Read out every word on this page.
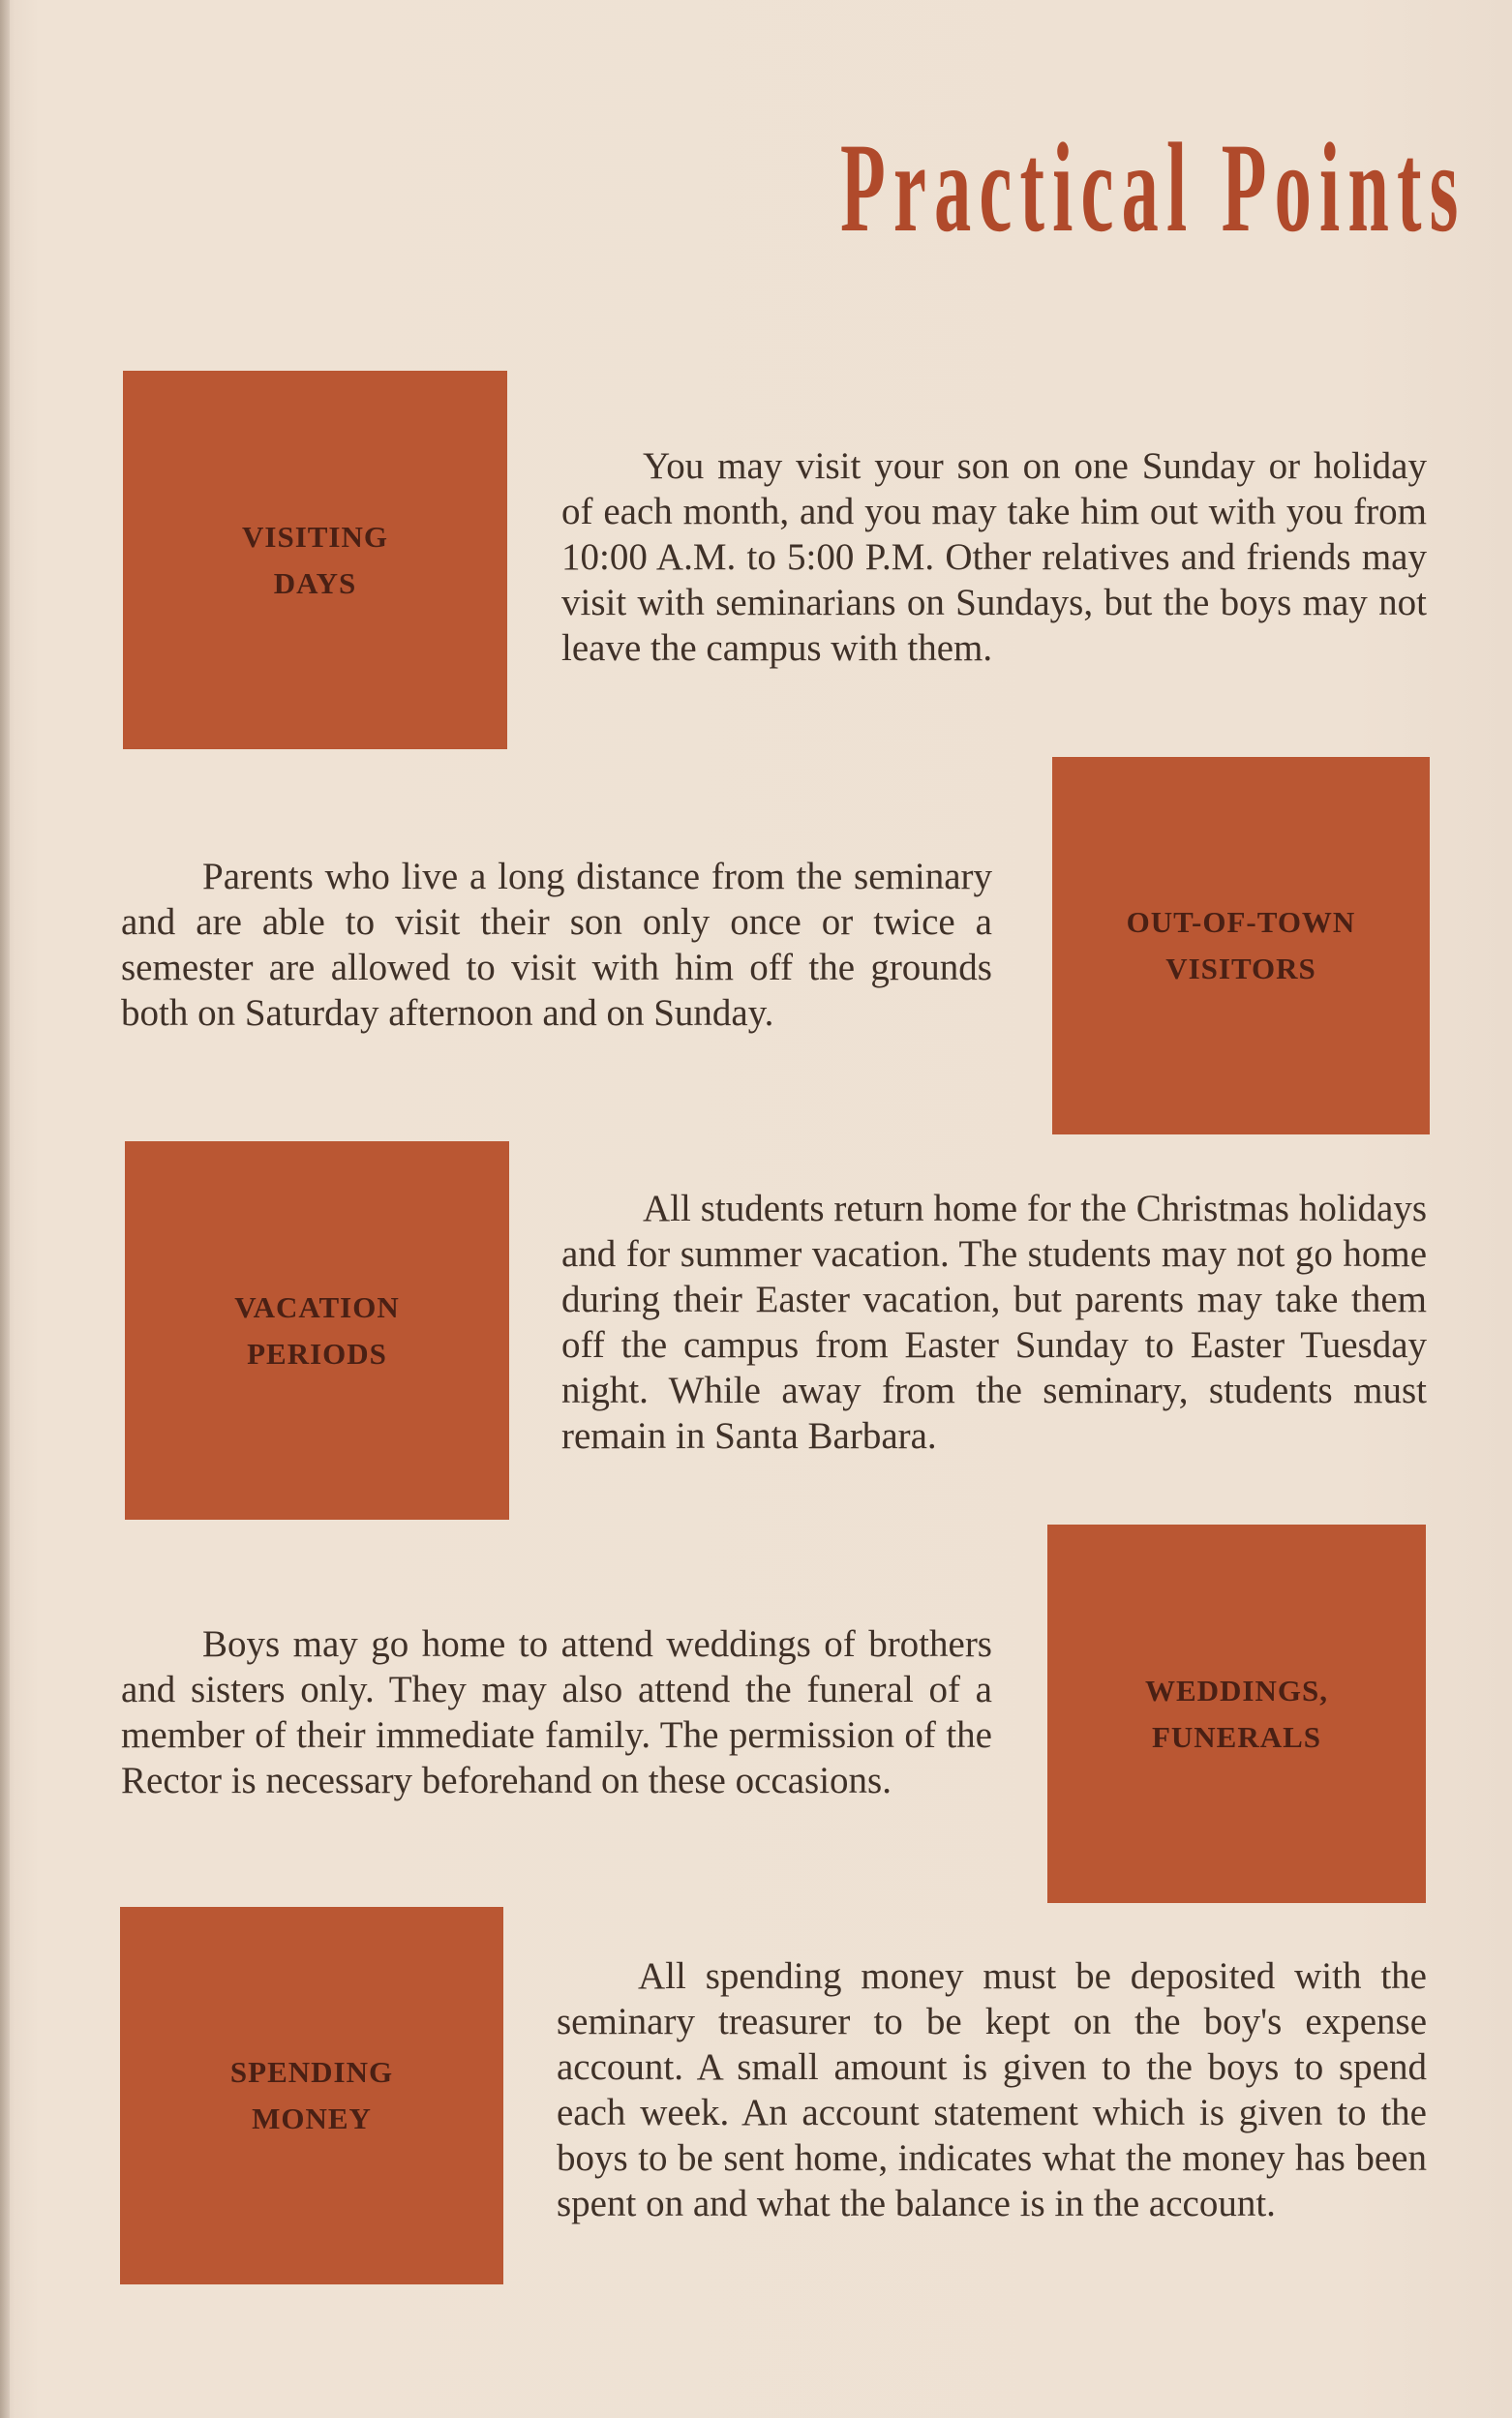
Practical Points
VISITING
DAYS

You may visit your son on one Sunday or holiday of each month, and you may take him out with you from 10:00 A.M. to 5:00 P.M. Other relatives and friends may visit with seminarians on Sundays, but the boys may not leave the campus with them.

Parents who live a long distance from the seminary and are able to visit their son only once or twice a semester are allowed to visit with him off the grounds both on Saturday afternoon and on Sunday.

OUT-OF-TOWN
VISITORS
VACATION
PERIODS

All students return home for the Christmas holidays and for summer vacation. The students may not go home during their Easter vacation, but parents may take them off the campus from Easter Sunday to Easter Tuesday night. While away from the seminary, students must remain in Santa Barbara.

Boys may go home to attend weddings of brothers and sisters only. They may also attend the funeral of a member of their immediate family. The permission of the Rector is necessary beforehand on these occasions.

WEDDINGS,
FUNERALS
SPENDING
MONEY

All spending money must be deposited with the seminary treasurer to be kept on the boy's expense account. A small amount is given to the boys to spend each week. An account statement which is given to the boys to be sent home, indicates what the money has been spent on and what the balance is in the account.
